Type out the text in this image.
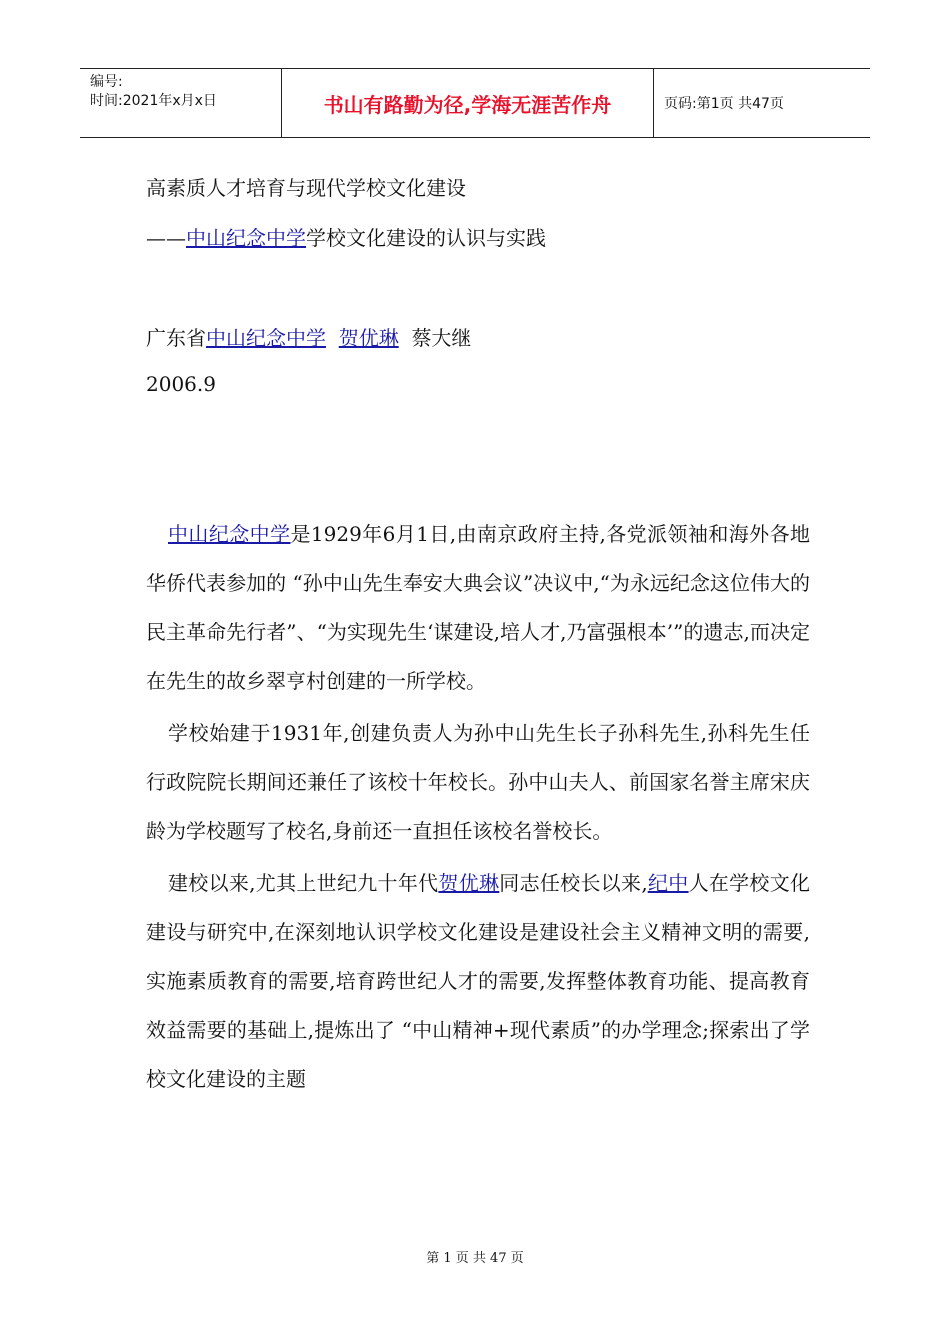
编号:
时间:2021年x月x日	书山有路勤为径,学海无涯苦作舟	页码:第1页 共47页
高素质人才培育与现代学校文化建设
——中山纪念中学学校文化建设的认识与实践
广东省中山纪念中学 贺优琳 蔡大继
2006.9

中山纪念中学是1929年6月1日,由南京政府主持,各党派领袖和海外各地华侨代表参加的 “孙中山先生奉安大典会议”决议中,“为永远纪念这位伟大的民主革命先行者”、“为实现先生‘谋建设,培人才,乃富强根本’”的遗志,而决定在先生的故乡翠亨村创建的一所学校。

学校始建于1931年,创建负责人为孙中山先生长子孙科先生,孙科先生任行政院院长期间还兼任了该校十年校长。孙中山夫人、前国家名誉主席宋庆龄为学校题写了校名,身前还一直担任该校名誉校长。

建校以来,尤其上世纪九十年代贺优琳同志任校长以来,纪中人在学校文化建设与研究中,在深刻地认识学校文化建设是建设社会主义精神文明的需要,实施素质教育的需要,培育跨世纪人才的需要,发挥整体教育功能、提高教育效益需要的基础上,提炼出了 “中山精神+现代素质”的办学理念;探索出了学校文化建设的主题

第 1 页 共 47 页
